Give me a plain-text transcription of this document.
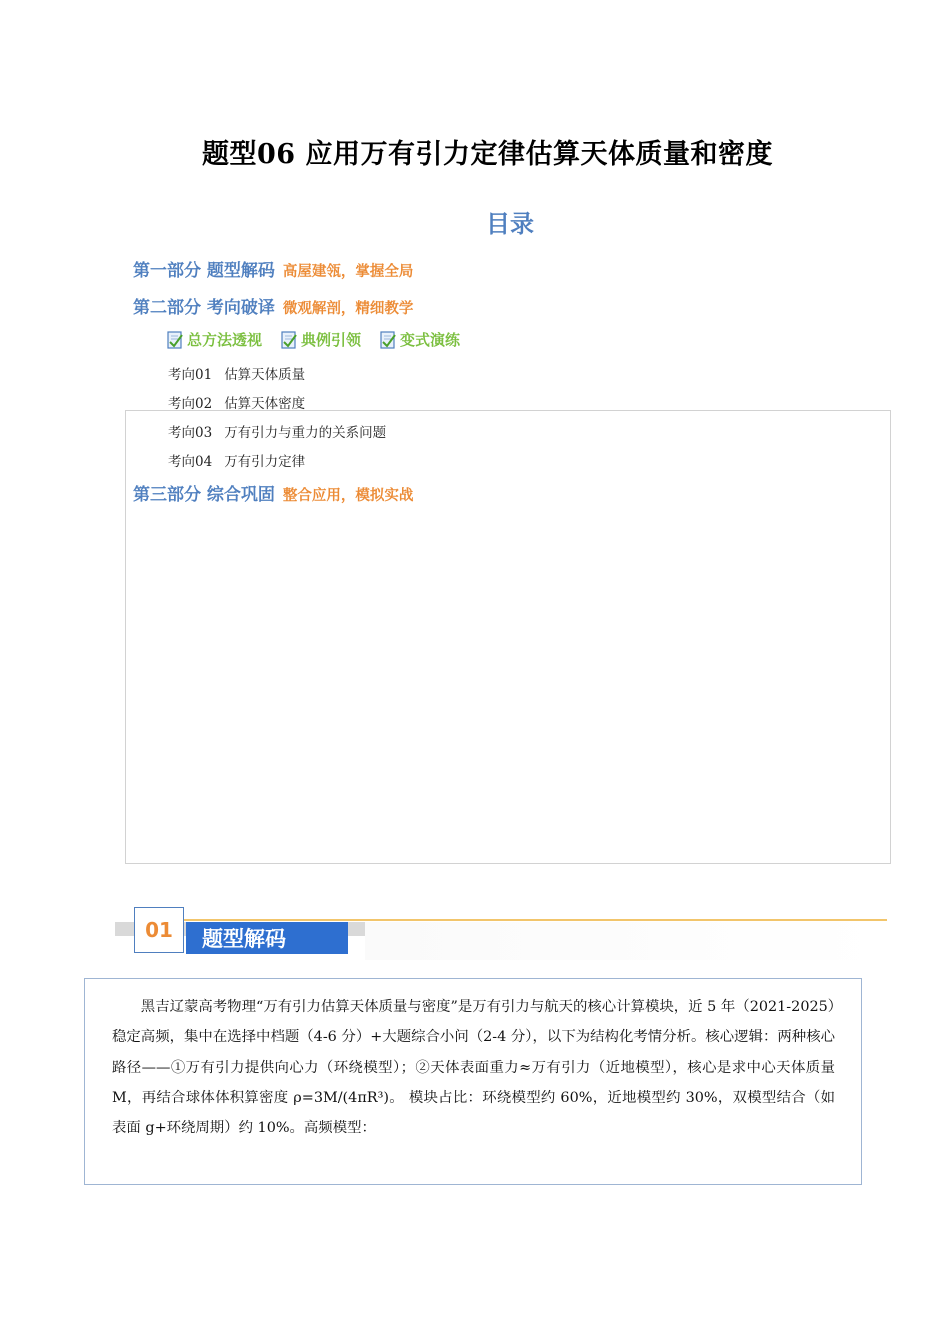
题型06 应用万有引力定律估算天体质量和密度
目录
第一部分 题型解码 高屋建瓴，掌握全局
第二部分 考向破译 微观解剖，精细教学
总方法透视	典例引领	变式演练
考向01 估算天体质量
考向02 估算天体密度
考向03 万有引力与重力的关系问题
考向04 万有引力定律
第三部分 综合巩固 整合应用，模拟实战
题型解码
01

黑吉辽蒙高考物理“万有引力估算天体质量与密度”是万有引力与航天的核心计算模块，近 5 年（2021-2025）稳定高频，集中在选择中档题（4-6 分）+大题综合小问（2-4 分），以下为结构化考情分析。核心逻辑：两种核心路径——①万有引力提供向心力（环绕模型）；②天体表面重力≈万有引力（近地模型），核心是求中心天体质量 M，再结合球体体积算密度 ρ=3M/(4πR³)。 模块占比：环绕模型约 60%，近地模型约 30%，双模型结合（如表面 g+环绕周期）约 10%。高频模型：
